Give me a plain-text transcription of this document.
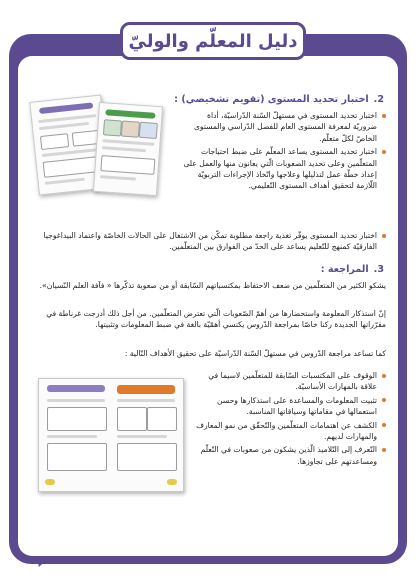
2.
اختبار تحديد المستوى (تقويم تشخيصي) :
اختبار تحديد المستوى في مستهلّ السّنة الدّراسيّة، أداة ضروريّة لمعرفة المستوى العام للفصل الدّراسي والمستوى الخاصّ لكلّ متعلّم.
اختبار تحديد المستوى يساعد المعلّم على ضبط احتياجات المتعلّمين وعلى تحديد الصعوبات الّتي يعانون منها والعمل على إعداد خطّة عمل لتذليلها وعلاجها واتّخاذ الإجراءات التربويّة اللّازمة لتحقيق أهداف المستوى التّعليمي.
اختبار تحديد المستوى يوفّر تغذية راجعة مطلوبة تمكّن من الاشتغال على الحالات الخاصّة واعتماد البيداغوجيا الفارقيّة كمنهج للتّعليم يساعد على الحدّ من الفوارق بين المتعلّمين.
3.
المراجعة :

يشكو الكثير من المتعلّمين من ضعف الاحتفاظ بمكتسباتهم السّابقة أو من صعوبة تذكّرها « فآفة العلم النّسيان».

إنّ استذكار المعلومة واستحضارها من أهمّ الصّعوبات الّتي تعترض المتعلّمين. من أجل ذلك أدرجت غرناطة في مقرّراتها الجديدة ركنا خاصّا بمراجعة الدّروس يكتسي أهمّيّة بالغة في ضبط المعلومات وتثبيتها.

كما تساعد مراجعة الدّروس في مستهلّ السّنة الدّراسيّة على تحقيق الأهداف التّالية :

الوقوف على المكتسبات السّابقة للمتعلّمين لاسيما في علاقة بالمهارات الأساسيّة.
تثبيت المعلومات والمساعدة على استذكارها وحسن استعمالها في مقاماتها وسياقاتها المناسبة.
الكشف عن اهتمامات المتعلّمين والتّحقّق من نمو المعارف والمهارات لديهم.
التّعرف إلى التّلاميذ الّذين يشكون من صعوبات في التّعلّم ومساعدتهم على تجاوزها.
دليل المعلّم والوليّ
